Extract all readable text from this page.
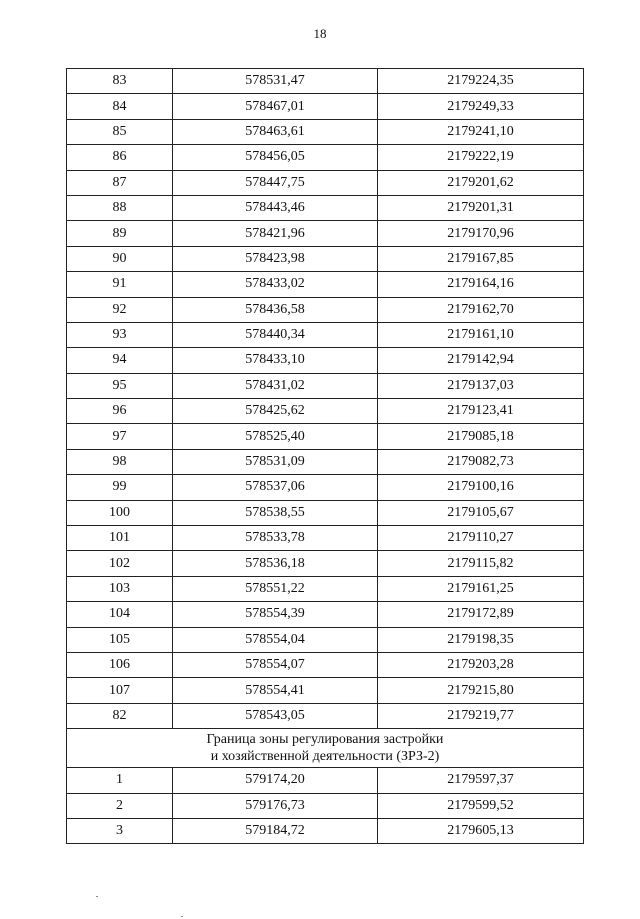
18
83	578531,47	2179224,35
84	578467,01	2179249,33
85	578463,61	2179241,10
86	578456,05	2179222,19
87	578447,75	2179201,62
88	578443,46	2179201,31
89	578421,96	2179170,96
90	578423,98	2179167,85
91	578433,02	2179164,16
92	578436,58	2179162,70
93	578440,34	2179161,10
94	578433,10	2179142,94
95	578431,02	2179137,03
96	578425,62	2179123,41
97	578525,40	2179085,18
98	578531,09	2179082,73
99	578537,06	2179100,16
100	578538,55	2179105,67
101	578533,78	2179110,27
102	578536,18	2179115,82
103	578551,22	2179161,25
104	578554,39	2179172,89
105	578554,04	2179198,35
106	578554,07	2179203,28
107	578554,41	2179215,80
82	578543,05	2179219,77

Граница зоны регулирования застройки
и хозяйственной деятельности (ЗРЗ-2)		

1	579174,20	2179597,37
2	579176,73	2179599,52
3	579184,72	2179605,13
